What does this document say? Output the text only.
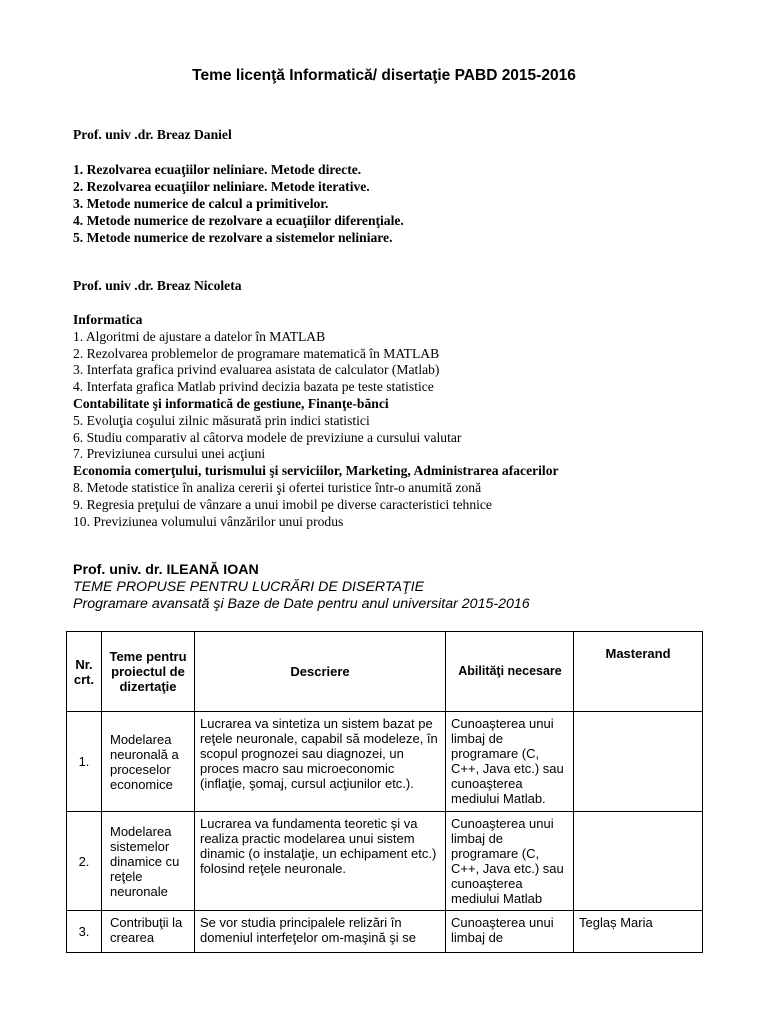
Teme licenţă Informatică/ disertaţie PABD 2015-2016
Prof. univ .dr. Breaz Daniel
1. Rezolvarea ecuaţiilor neliniare. Metode directe.
2. Rezolvarea ecuaţiilor neliniare. Metode iterative.
3. Metode numerice de calcul a primitivelor.
4. Metode numerice de rezolvare a ecuaţiilor diferenţiale.
5. Metode numerice de rezolvare a sistemelor neliniare.
Prof. univ .dr. Breaz Nicoleta
Informatica
1. Algoritmi de ajustare a datelor în MATLAB
2. Rezolvarea problemelor de programare matematică în MATLAB
3. Interfata grafica privind evaluarea asistata de calculator (Matlab)
4. Interfata grafica Matlab privind decizia bazata pe teste statistice
Contabilitate şi informatică de gestiune, Finanţe-bănci
5. Evoluţia coşului zilnic măsurată prin indici statistici
6. Studiu comparativ al câtorva modele de previziune a cursului valutar
7. Previziunea cursului unei acţiuni
Economia comerţului, turismului şi serviciilor, Marketing, Administrarea afacerilor
8. Metode statistice în analiza cererii şi ofertei turistice într-o anumită zonă
9. Regresia preţului de vânzare a unui imobil pe diverse caracteristici tehnice
10. Previziunea volumului vânzărilor unui produs
Prof. univ. dr. ILEANĂ IOAN
TEME PROPUSE PENTRU LUCRĂRI DE DISERTAŢIE
Programare avansată şi Baze de Date pentru anul universitar 2015-2016
Nr. crt.	Teme pentru proiectul de dizertaţie	Descriere	Abilităţi necesare	Masterand
1.	Modelarea neuronală a proceselor economice	Lucrarea va sintetiza un sistem bazat pe reţele neuronale, capabil să modeleze, în scopul prognozei sau diagnozei, un proces macro sau microeconomic (inflaţie, şomaj, cursul acţiunilor etc.).	Cunoaşterea unui limbaj de programare (C, C++, Java etc.) sau cunoaşterea mediului Matlab.	
2.	Modelarea sistemelor dinamice cu reţele neuronale	Lucrarea va fundamenta teoretic şi va realiza practic modelarea unui sistem dinamic (o instalaţie, un echipament etc.) folosind reţele neuronale.	Cunoaşterea unui limbaj de programare (C, C++, Java etc.) sau cunoaşterea mediului Matlab	
3.	Contribuţii la crearea	Se vor studia principalele relizări în domeniul interfeţelor om-maşină şi se	Cunoaşterea unui limbaj de	Teglaș Maria
